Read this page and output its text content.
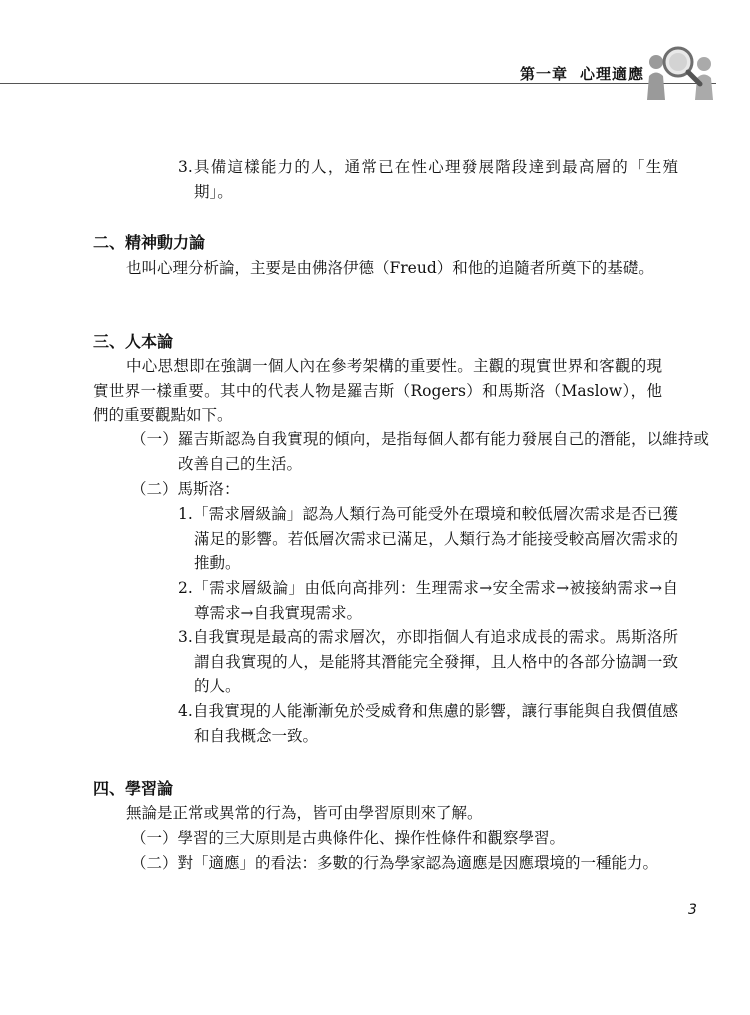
第一章 心理適應

3.具備這樣能力的人，通常已在性心理發展階段達到最高層的「生殖期」。

二、精神動力論

也叫心理分析論，主要是由佛洛伊德（Freud）和他的追隨者所奠下的基礎。

三、人本論

中心思想即在強調一個人內在參考架構的重要性。主觀的現實世界和客觀的現實世界一樣重要。其中的代表人物是羅吉斯（Rogers）和馬斯洛（Maslow），他們的重要觀點如下。

（一）羅吉斯認為自我實現的傾向，是指每個人都有能力發展自己的潛能，以維持或改善自己的生活。

（二）馬斯洛：

1.「需求層級論」認為人類行為可能受外在環境和較低層次需求是否已獲滿足的影響。若低層次需求已滿足，人類行為才能接受較高層次需求的推動。

2.「需求層級論」由低向高排列：生理需求→安全需求→被接納需求→自尊需求→自我實現需求。

3.自我實現是最高的需求層次，亦即指個人有追求成長的需求。馬斯洛所謂自我實現的人，是能將其潛能完全發揮，且人格中的各部分協調一致的人。

4.自我實現的人能漸漸免於受威脅和焦慮的影響，讓行事能與自我價值感和自我概念一致。

四、學習論

無論是正常或異常的行為，皆可由學習原則來了解。

（一）學習的三大原則是古典條件化、操作性條件和觀察學習。

（二）對「適應」的看法：多數的行為學家認為適應是因應環境的一種能力。

3
